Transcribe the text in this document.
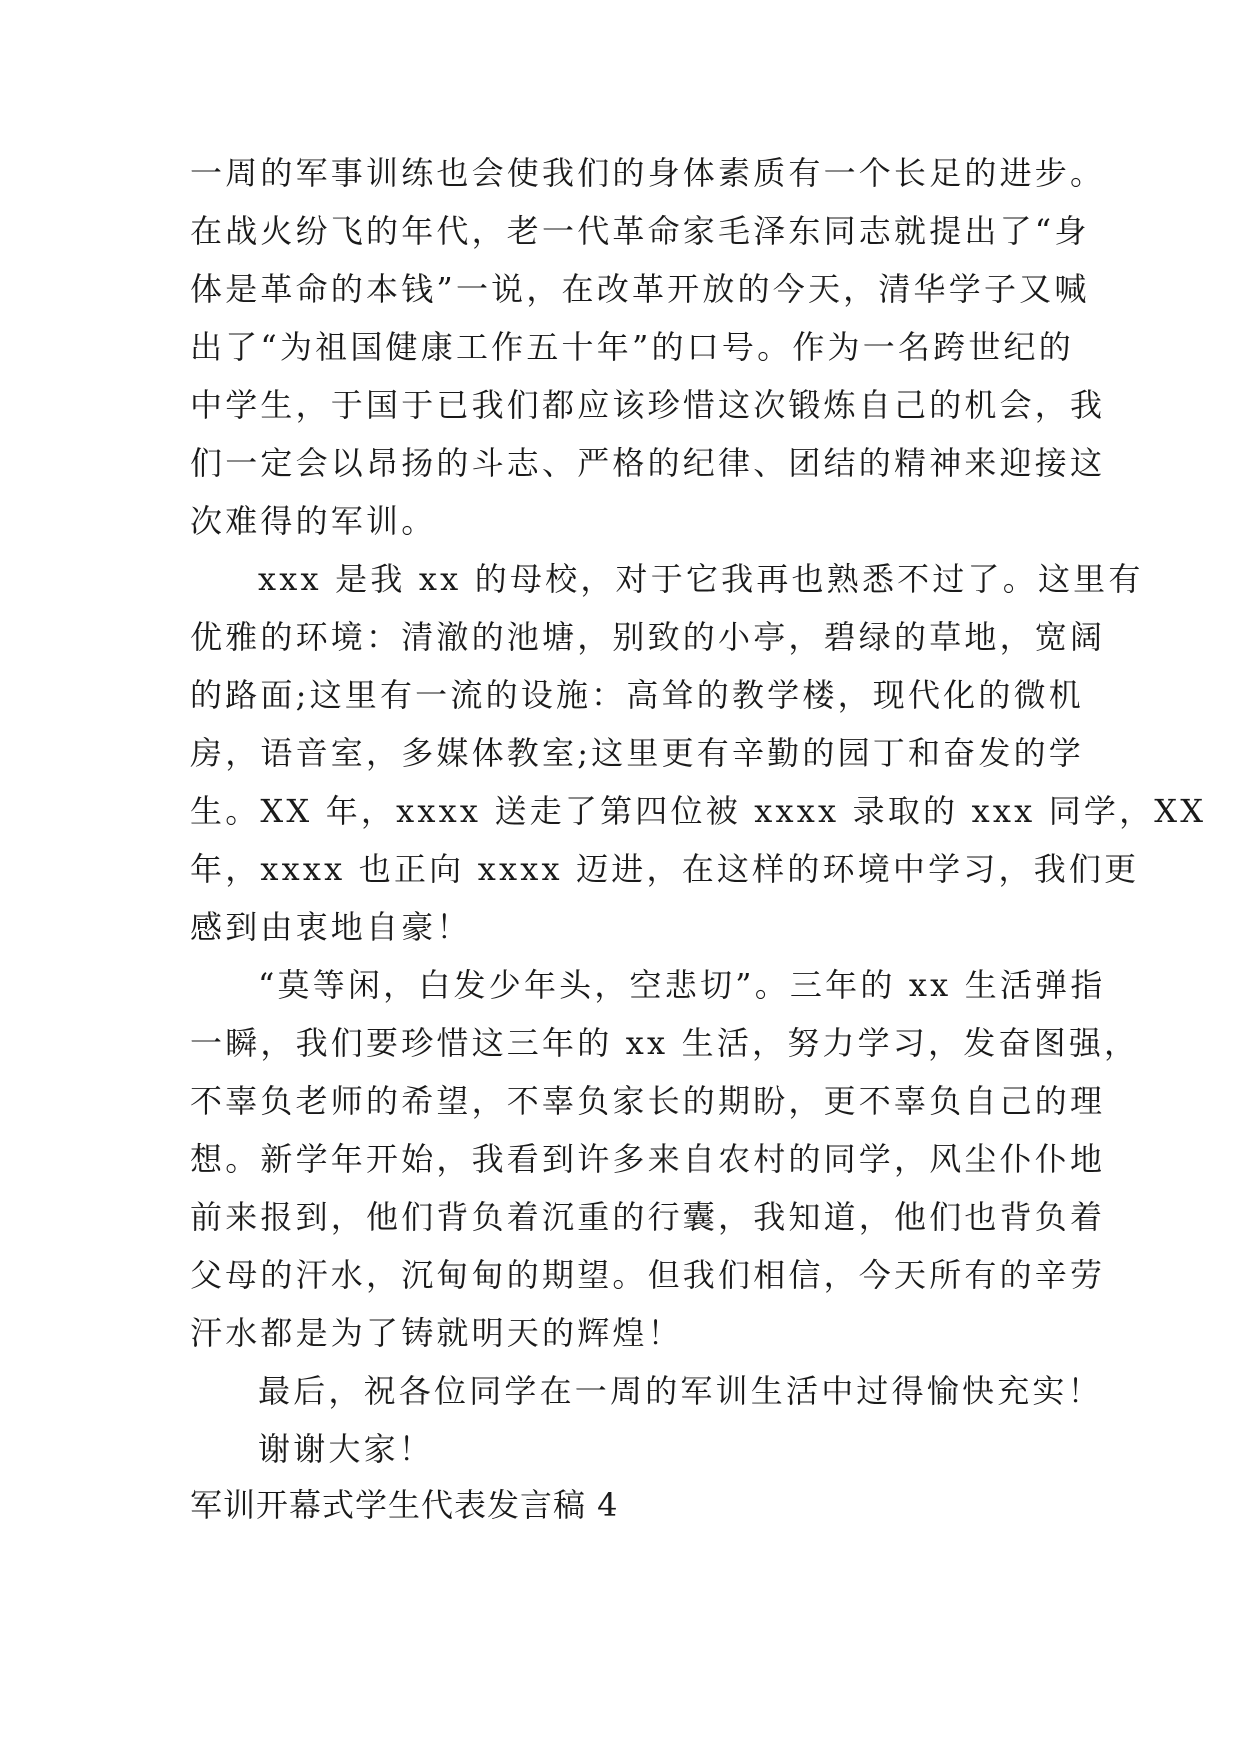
一周的军事训练也会使我们的身体素质有一个长足的进步。
在战火纷飞的年代，老一代革命家毛泽东同志就提出了“身
体是革命的本钱”一说，在改革开放的今天，清华学子又喊
出了“为祖国健康工作五十年”的口号。作为一名跨世纪的
中学生，于国于已我们都应该珍惜这次锻炼自己的机会，我
们一定会以昂扬的斗志、严格的纪律、团结的精神来迎接这
次难得的军训。
xxx 是我 xx 的母校，对于它我再也熟悉不过了。这里有
优雅的环境：清澈的池塘，别致的小亭，碧绿的草地，宽阔
的路面;这里有一流的设施：高耸的教学楼，现代化的微机
房，语音室，多媒体教室;这里更有辛勤的园丁和奋发的学
生。XX 年，xxxx 送走了第四位被 xxxx 录取的 xxx 同学，XX
年，xxxx 也正向 xxxx 迈进，在这样的环境中学习，我们更
感到由衷地自豪！
“莫等闲，白发少年头，空悲切”。三年的 xx 生活弹指
一瞬，我们要珍惜这三年的 xx 生活，努力学习，发奋图强，
不辜负老师的希望，不辜负家长的期盼，更不辜负自己的理
想。新学年开始，我看到许多来自农村的同学，风尘仆仆地
前来报到，他们背负着沉重的行囊，我知道，他们也背负着
父母的汗水，沉甸甸的期望。但我们相信，今天所有的辛劳
汗水都是为了铸就明天的辉煌！
最后，祝各位同学在一周的军训生活中过得愉快充实！
谢谢大家！
军训开幕式学生代表发言稿 4
